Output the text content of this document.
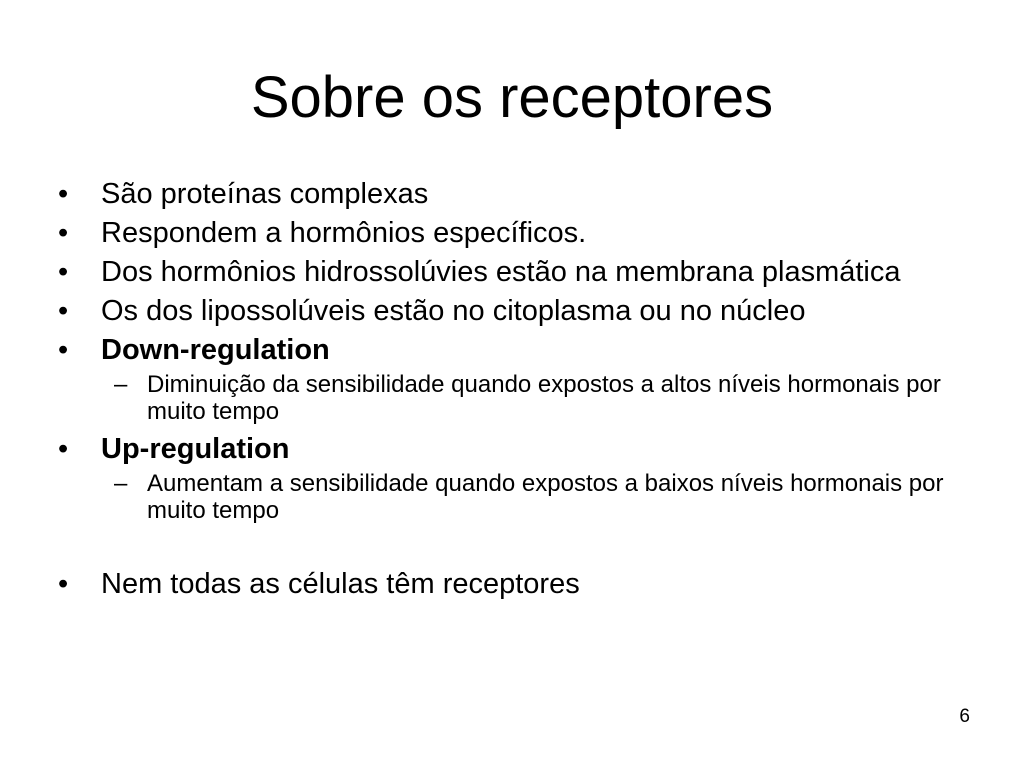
Sobre os receptores
•	São proteínas complexas
•	Respondem a hormônios específicos.
•	Dos hormônios hidrossolúvies estão na membrana plasmática
•	Os dos lipossolúveis estão no citoplasma ou no núcleo
•	Down-regulation
– Diminuição da sensibilidade quando expostos a altos níveis hormonais por muito tempo
•	Up-regulation
– Aumentam a sensibilidade quando expostos a baixos níveis hormonais por muito tempo
•	Nem todas as células têm receptores
6
